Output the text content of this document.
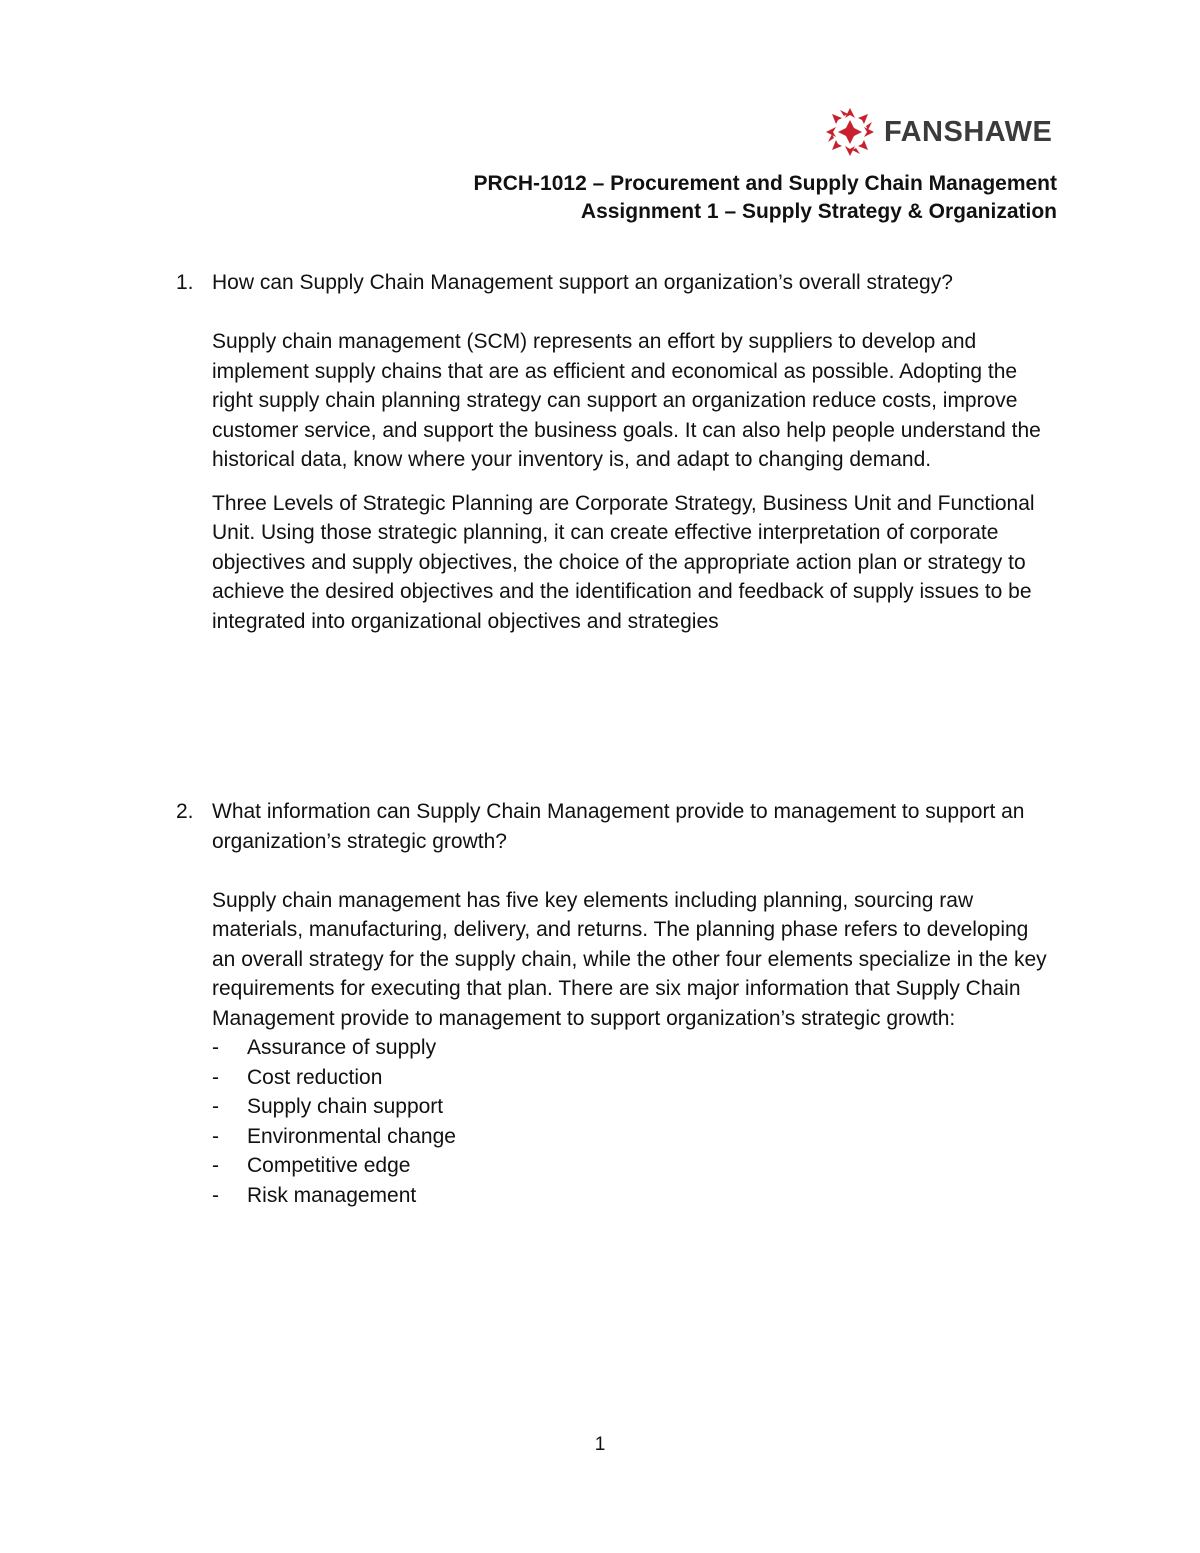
FANSHAWE
PRCH-1012 – Procurement and Supply Chain Management
Assignment 1 – Supply Strategy & Organization
1. How can Supply Chain Management support an organization’s overall strategy?

Supply chain management (SCM) represents an effort by suppliers to develop and implement supply chains that are as efficient and economical as possible. Adopting the right supply chain planning strategy can support an organization reduce costs, improve customer service, and support the business goals. It can also help people understand the historical data, know where your inventory is, and adapt to changing demand.

Three Levels of Strategic Planning are Corporate Strategy, Business Unit and Functional Unit. Using those strategic planning, it can create effective interpretation of corporate objectives and supply objectives, the choice of the appropriate action plan or strategy to achieve the desired objectives and the identification and feedback of supply issues to be integrated into organizational objectives and strategies

2. What information can Supply Chain Management provide to management to support an organization’s strategic growth?

Supply chain management has five key elements including planning, sourcing raw materials, manufacturing, delivery, and returns. The planning phase refers to developing an overall strategy for the supply chain, while the other four elements specialize in the key requirements for executing that plan. There are six major information that Supply Chain Management provide to management to support organization’s strategic growth:

- Assurance of supply
- Cost reduction
- Supply chain support
- Environmental change
- Competitive edge
- Risk management
1
